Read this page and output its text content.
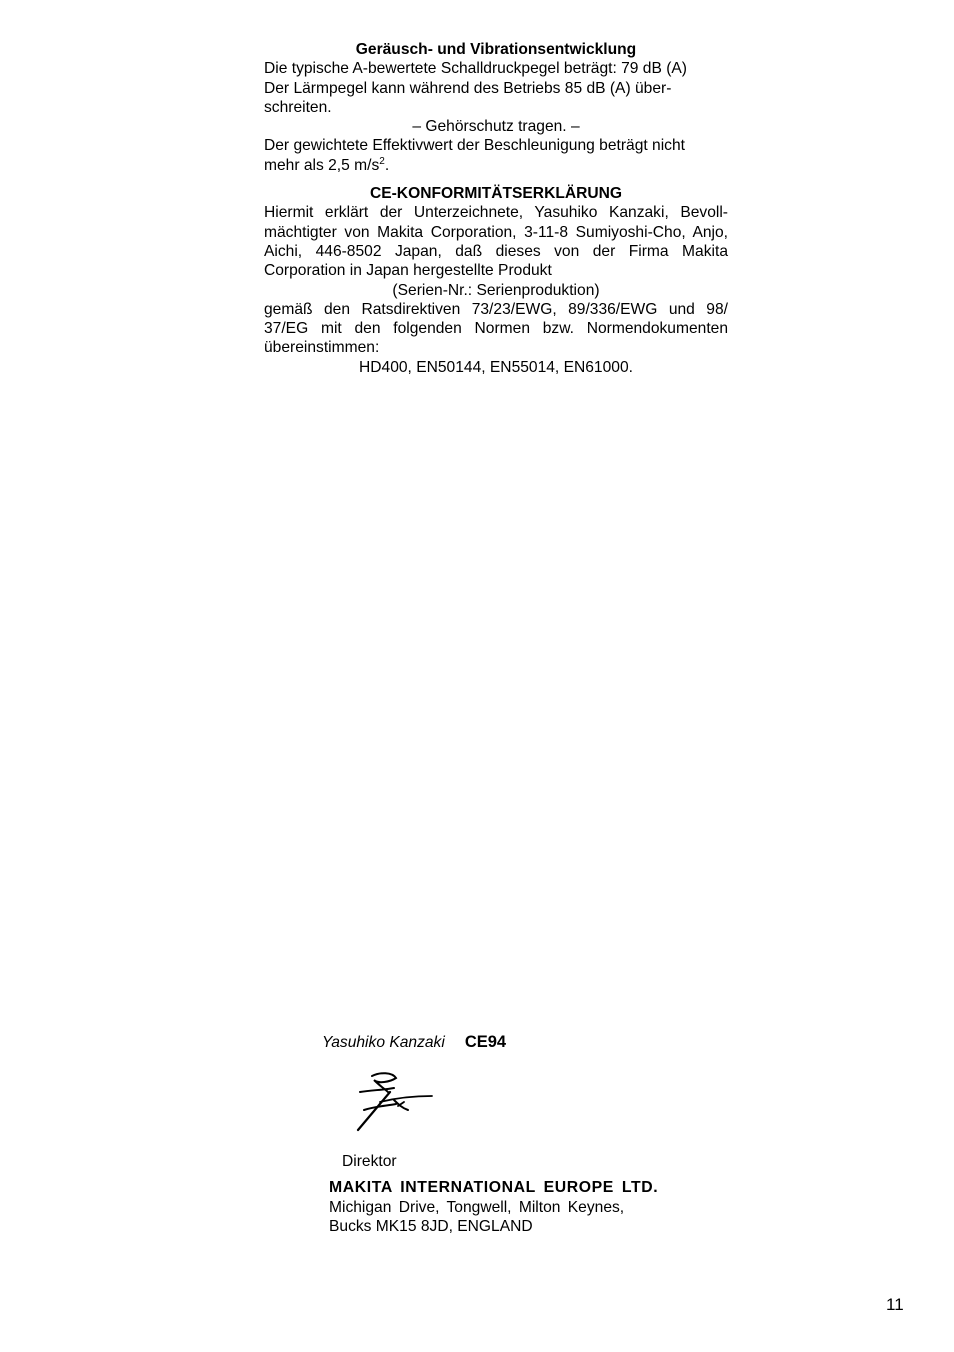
Geräusch- und Vibrationsentwicklung

Die typische A-bewertete Schalldruckpegel beträgt: 79 dB (A)

Der Lärmpegel kann während des Betriebs 85 dB (A) über-

schreiten.

– Gehörschutz tragen. –

Der gewichtete Effektivwert der Beschleunigung beträgt nicht

mehr als 2,5 $m/s^2$.

CE-KONFORMITÄTSERKLÄRUNG

Hiermit erklärt der Unterzeichnete, Yasuhiko Kanzaki, Bevoll-mächtigter von Makita Corporation, 3-11-8 Sumiyoshi-Cho, Anjo, Aichi, 446-8502 Japan, daß dieses von der Firma Makita Corporation in Japan hergestellte Produkt

(Serien-Nr.: Serienproduktion)

gemäß den Ratsdirektiven 73/23/EWG, 89/336/EWG und 98/ 37/EG mit den folgenden Normen bzw. Normendokumenten übereinstimmen:

HD400, EN50144, EN55014, EN61000.

Yasuhiko Kanzaki CE94
Direktor
MAKITA INTERNATIONAL EUROPE LTD.
Michigan Drive, Tongwell, Milton Keynes,
Bucks MK15 8JD, ENGLAND
11
